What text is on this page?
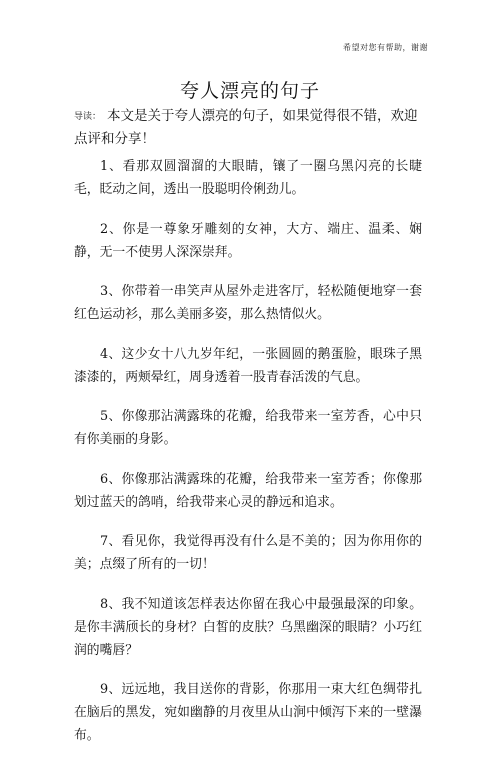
希望对您有帮助，谢谢
夸人漂亮的句子
导读： 本文是关于夸人漂亮的句子，如果觉得很不错，欢迎点评和分享！
1、看那双圆溜溜的大眼睛，镶了一圈乌黑闪亮的长睫毛，眨动之间，透出一股聪明伶俐劲儿。
2、你是一尊象牙雕刻的女神，大方、端庄、温柔、娴静，无一不使男人深深崇拜。
3、你带着一串笑声从屋外走进客厅，轻松随便地穿一套红色运动衫，那么美丽多姿，那么热情似火。
4、这少女十八九岁年纪，一张圆圆的鹅蛋脸，眼珠子黑漆漆的，两颊晕红，周身透着一股青春活泼的气息。
5、你像那沾满露珠的花瓣，给我带来一室芳香，心中只有你美丽的身影。
6、你像那沾满露珠的花瓣，给我带来一室芳香；你像那划过蓝天的鸽哨，给我带来心灵的静远和追求。
7、看见你，我觉得再没有什么是不美的；因为你用你的美；点缀了所有的一切！
8、我不知道该怎样表达你留在我心中最强最深的印象。是你丰满颀长的身材？白皙的皮肤？乌黑幽深的眼睛？小巧红润的嘴唇？
9、远远地，我目送你的背影，你那用一束大红色绸带扎在脑后的黑发，宛如幽静的月夜里从山涧中倾泻下来的一壁瀑布。
